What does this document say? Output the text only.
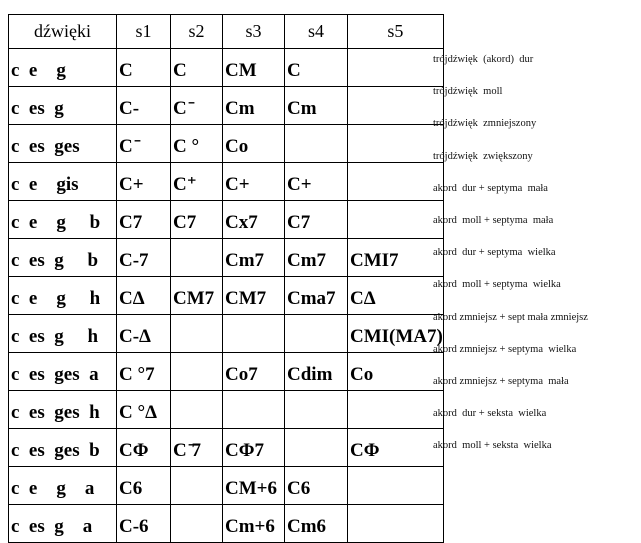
dźwięki	s1	s2	s3	s4	s5
c  e    g	C	C	CM	C	
c  es  g	C-	C ̄	Cm	Cm	
c  es  ges	C ̄	C °	Co		
c  e    gis	C+	C⁺	C+	C+	
c  e    g     b	C7	C7	Cx7	C7	
c  es  g     b	C-7		Cm7	Cm7	CMI7
c  e    g     h	CΔ	CM7	CM7	Cma7	CΔ
c  es  g     h	C-Δ				CMI(MA7)
c  es  ges  a	C °7		Co7	Cdim	Co
c  es  ges  h	C °Δ				
c  es  ges  b	CΦ	C ̄7	CΦ7		CΦ
c  e    g    a	C6		CM+6	C6	
c  es  g    a	C-6		Cm+6	Cm6	
trójdźwięk  (akord)  dur
trójdźwięk  moll
trójdźwięk  zmniejszony
trójdźwięk  zwiększony
akord  dur + septyma  mała
akord  moll + septyma  mała
akord  dur + septyma  wielka
akord  moll + septyma  wielka
akord zmniejsz + sept mała zmniejsz
akord zmniejsz + septyma  wielka
akord zmniejsz + septyma  mała
akord  dur + seksta  wielka
akord  moll + seksta  wielka
